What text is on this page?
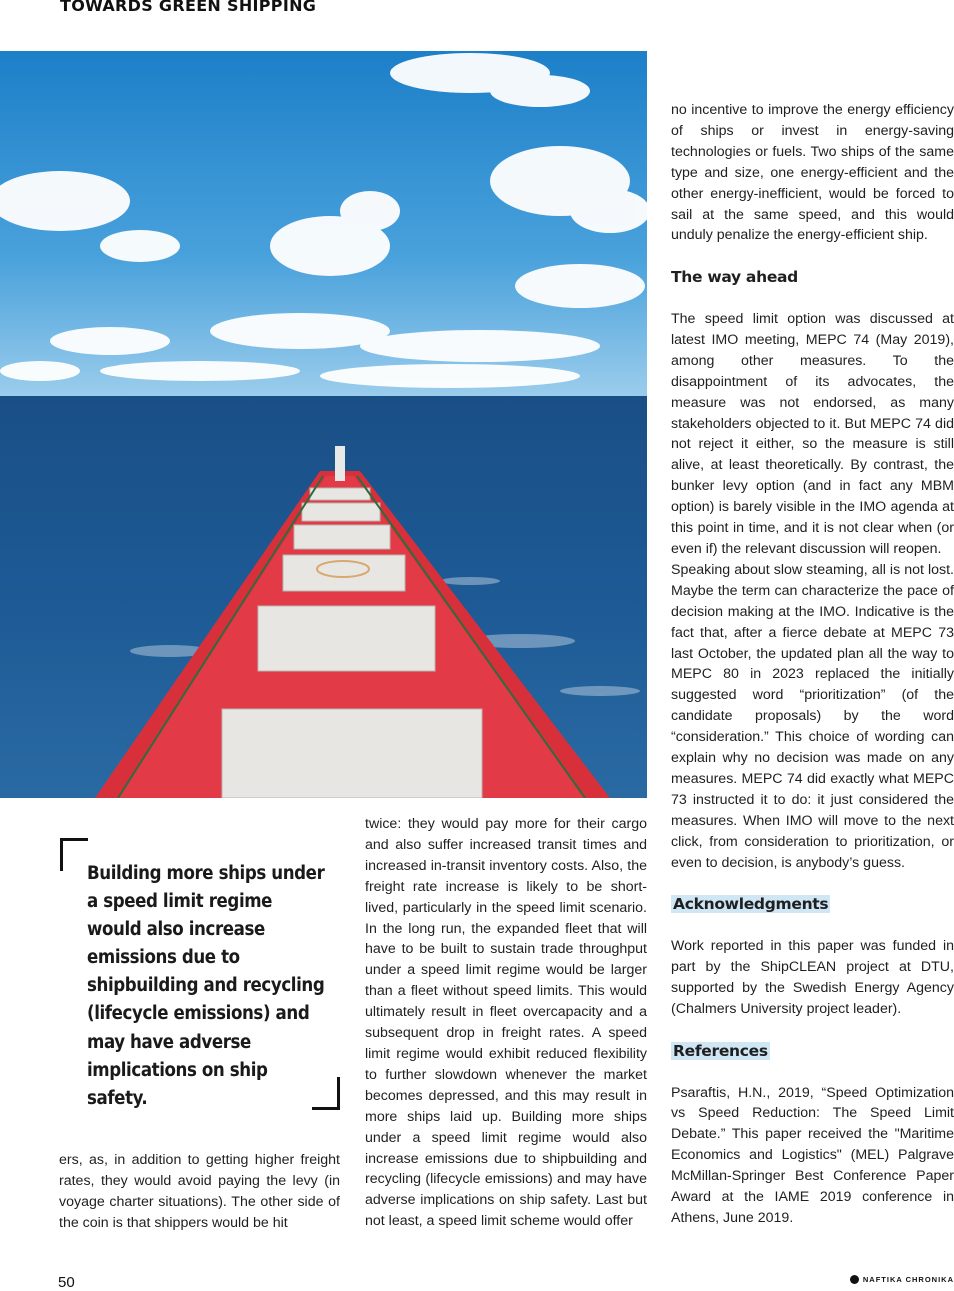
TOWARDS GREEN SHIPPING
Building more ships under a speed limit regime would also increase emissions due to shipbuilding and recycling (lifecycle emissions) and may have adverse implications on ship safety.

ers, as, in addition to getting higher freight rates, they would avoid paying the levy (in voyage charter situations). The other side of the coin is that shippers would be hit

twice: they would pay more for their cargo and also suffer increased transit times and increased in-transit inventory costs. Also, the freight rate increase is likely to be short-lived, particularly in the speed limit scenario. In the long run, the expanded fleet that will have to be built to sustain trade throughput under a speed limit regime would be larger than a fleet without speed limits. This would ultimately result in fleet overcapacity and a subsequent drop in freight rates. A speed limit regime would exhibit reduced flexibility to further slowdown whenever the market becomes depressed, and this may result in more ships laid up. Building more ships under a speed limit regime would also increase emissions due to shipbuilding and recycling (lifecycle emissions) and may have adverse implications on ship safety. Last but not least, a speed limit scheme would offer

no incentive to improve the energy efficiency of ships or invest in energy-saving technologies or fuels. Two ships of the same type and size, one energy-efficient and the other energy-inefficient, would be forced to sail at the same speed, and this would unduly penalize the energy-efficient ship.

The way ahead

The speed limit option was discussed at latest IMO meeting, MEPC 74 (May 2019), among other measures. To the disappointment of its advocates, the measure was not endorsed, as many stakeholders objected to it. But MEPC 74 did not reject it either, so the measure is still alive, at least theoretically. By contrast, the bunker levy option (and in fact any MBM option) is barely visible in the IMO agenda at this point in time, and it is not clear when (or even if) the relevant discussion will reopen.

Speaking about slow steaming, all is not lost. Maybe the term can characterize the pace of decision making at the IMO. Indicative is the fact that, after a fierce debate at MEPC 73 last October, the updated plan all the way to MEPC 80 in 2023 replaced the initially suggested word “prioritization” (of the candidate proposals) by the word “consideration.” This choice of wording can explain why no decision was made on any measures. MEPC 74 did exactly what MEPC 73 instructed it to do: it just considered the measures. When IMO will move to the next click, from consideration to prioritization, or even to decision, is anybody’s guess.

Acknowledgments

Work reported in this paper was funded in part by the ShipCLEAN project at DTU, supported by the Swedish Energy Agency (Chalmers University project leader).

References

Psaraftis, H.N., 2019, “Speed Optimization vs Speed Reduction: The Speed Limit Debate.” This paper received the "Maritime Economics and Logistics" (MEL) Palgrave McMillan-Springer Best Conference Paper Award at the IAME 2019 conference in Athens, June 2019.

50	NAFTIKA CHRONIKA
